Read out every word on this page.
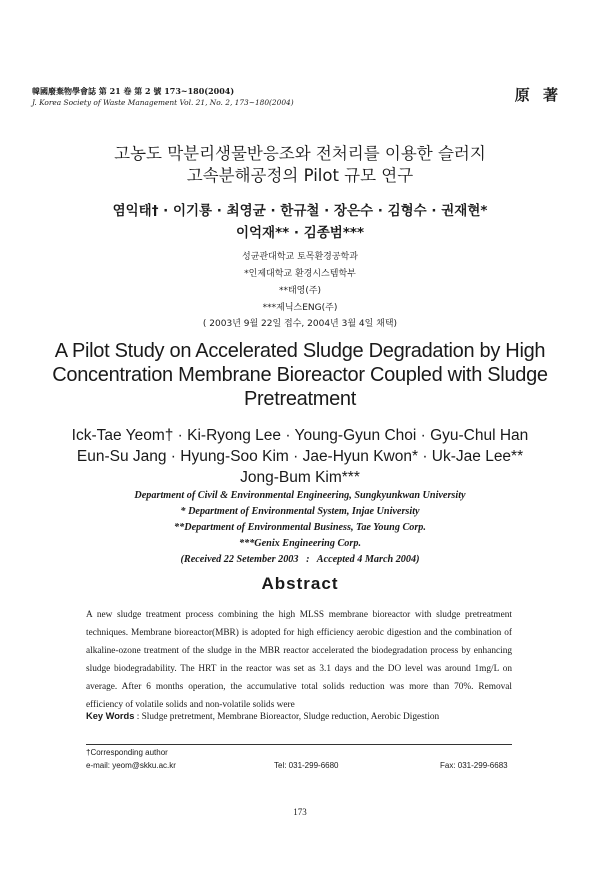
韓國廢棄物學會誌 第 21 卷 第 2 號 173~180(2004)
J. Korea Society of Waste Management Vol. 21, No. 2, 173~180(2004)	原 著
고농도 막분리생물반응조와 전처리를 이용한 슬러지
고속분해공정의 Pilot 규모 연구
염익태† · 이기룡 · 최영균 · 한규철 · 장은수 · 김형수 · 권재현*
이억재** · 김종범***
성균관대학교 토목환경공학과
*인제대학교 환경시스템학부
**태영(주)
***제닉스ENG(주)
( 2003년 9월 22일 접수, 2004년 3월 4일 채택)
A Pilot Study on Accelerated Sludge Degradation by High
Concentration Membrane Bioreactor Coupled with Sludge
Pretreatment
Ick-Tae Yeom† · Ki-Ryong Lee · Young-Gyun Choi · Gyu-Chul Han
Eun-Su Jang · Hyung-Soo Kim · Jae-Hyun Kwon* · Uk-Jae Lee**
Jong-Bum Kim***
Department of Civil & Environmental Engineering, Sungkyunkwan University
* Department of Environmental System, Injae University
**Department of Environmental Business, Tae Young Corp.
***Genix Engineering Corp.
(Received 22 Setember 2003   :   Accepted 4 March 2004)
Abstract
A new sludge treatment process combining the high MLSS membrane bioreactor with sludge pretreatment techniques. Membrane bioreactor(MBR) is adopted for high efficiency aerobic digestion and the combination of alkaline-ozone treatment of the sludge in the MBR reactor accelerated the biodegradation process by enhancing sludge biodegradability. The HRT in the reactor was set as 3.1 days and the DO level was around 1mg/L on average. After 6 months operation, the accumulative total solids reduction was more than 70%. Removal efficiency of volatile solids and non-volatile solids were
Key Words : Sludge pretretment, Membrane Bioreactor, Sludge reduction, Aerobic Digestion
†Corresponding author
e-mail: yeom@skku.ac.kr	Tel: 031-299-6680	Fax: 031-299-6683
173
